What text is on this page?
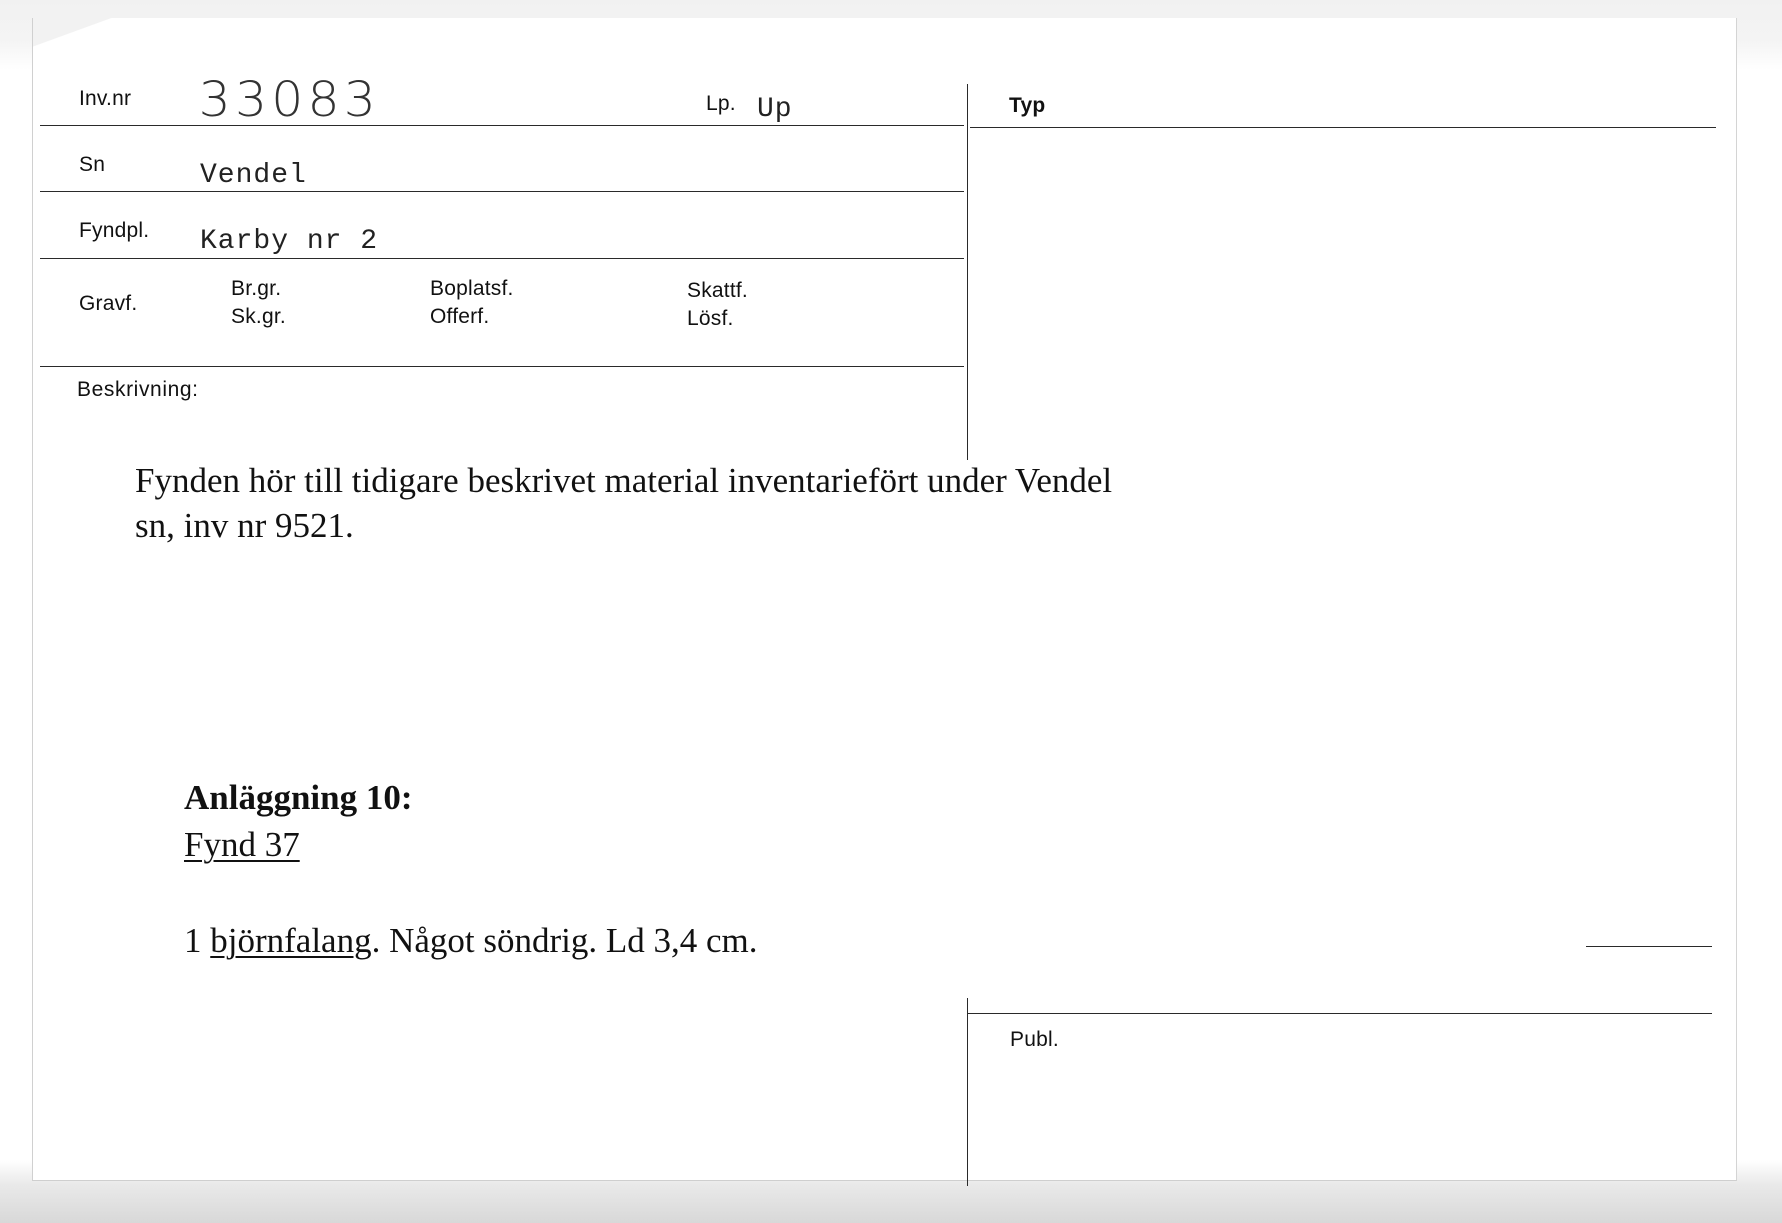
Inv.nr 33083	Lp. Up	Typ
Sn	Vendel
Fyndpl. Karby nr 2
Gravf.
Br.gr.
Sk.gr.
Boplatsf.
Offerf.
Skattf.
Lösf.
Beskrivning:
Fynden hör till tidigare beskrivet material inventariefört under Vendel
sn, inv nr 9521.
Anläggning 10:
Fynd 37
1 björnfalang. Något söndrig. Ld 3,4 cm.
Publ.
